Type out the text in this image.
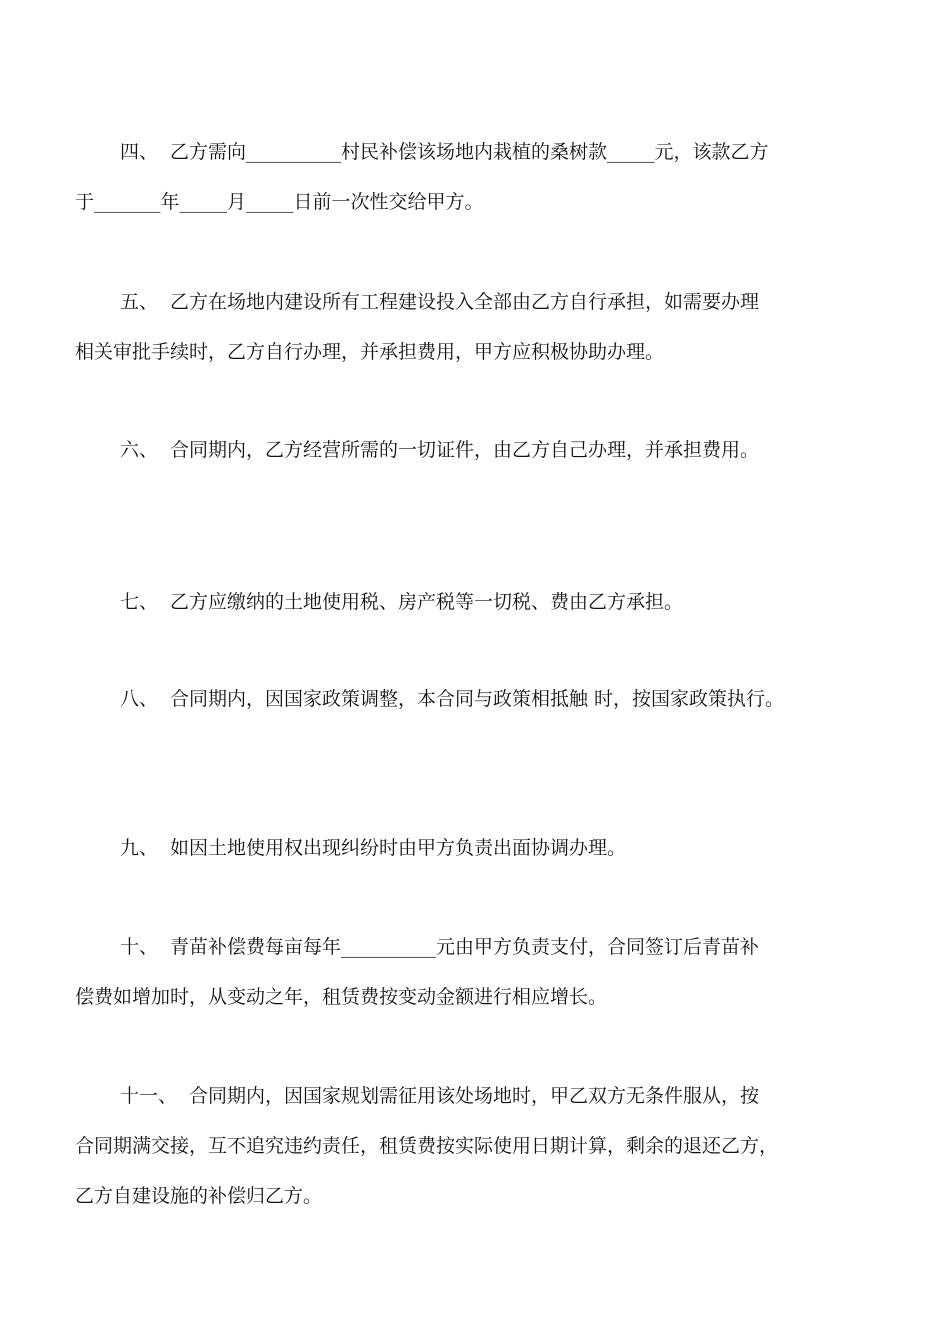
四、 乙方需向__________村民补偿该场地内栽植的桑树款_____元，该款乙方
于_______年_____月_____日前一次性交给甲方。
五、 乙方在场地内建设所有工程建设投入全部由乙方自行承担，如需要办理
相关审批手续时，乙方自行办理，并承担费用，甲方应积极协助办理。
六、 合同期内，乙方经营所需的一切证件，由乙方自己办理，并承担费用。
七、 乙方应缴纳的土地使用税、房产税等一切税、费由乙方承担。
八、 合同期内，因国家政策调整，本合同与政策相抵触 时，按国家政策执行。
九、 如因土地使用权出现纠纷时由甲方负责出面协调办理。
十、 青苗补偿费每亩每年__________元由甲方负责支付，合同签订后青苗补
偿费如增加时，从变动之年，租赁费按变动金额进行相应增长。
十一、 合同期内，因国家规划需征用该处场地时，甲乙双方无条件服从，按
合同期满交接，互不追究违约责任，租赁费按实际使用日期计算，剩余的退还乙方，
乙方自建设施的补偿归乙方。
